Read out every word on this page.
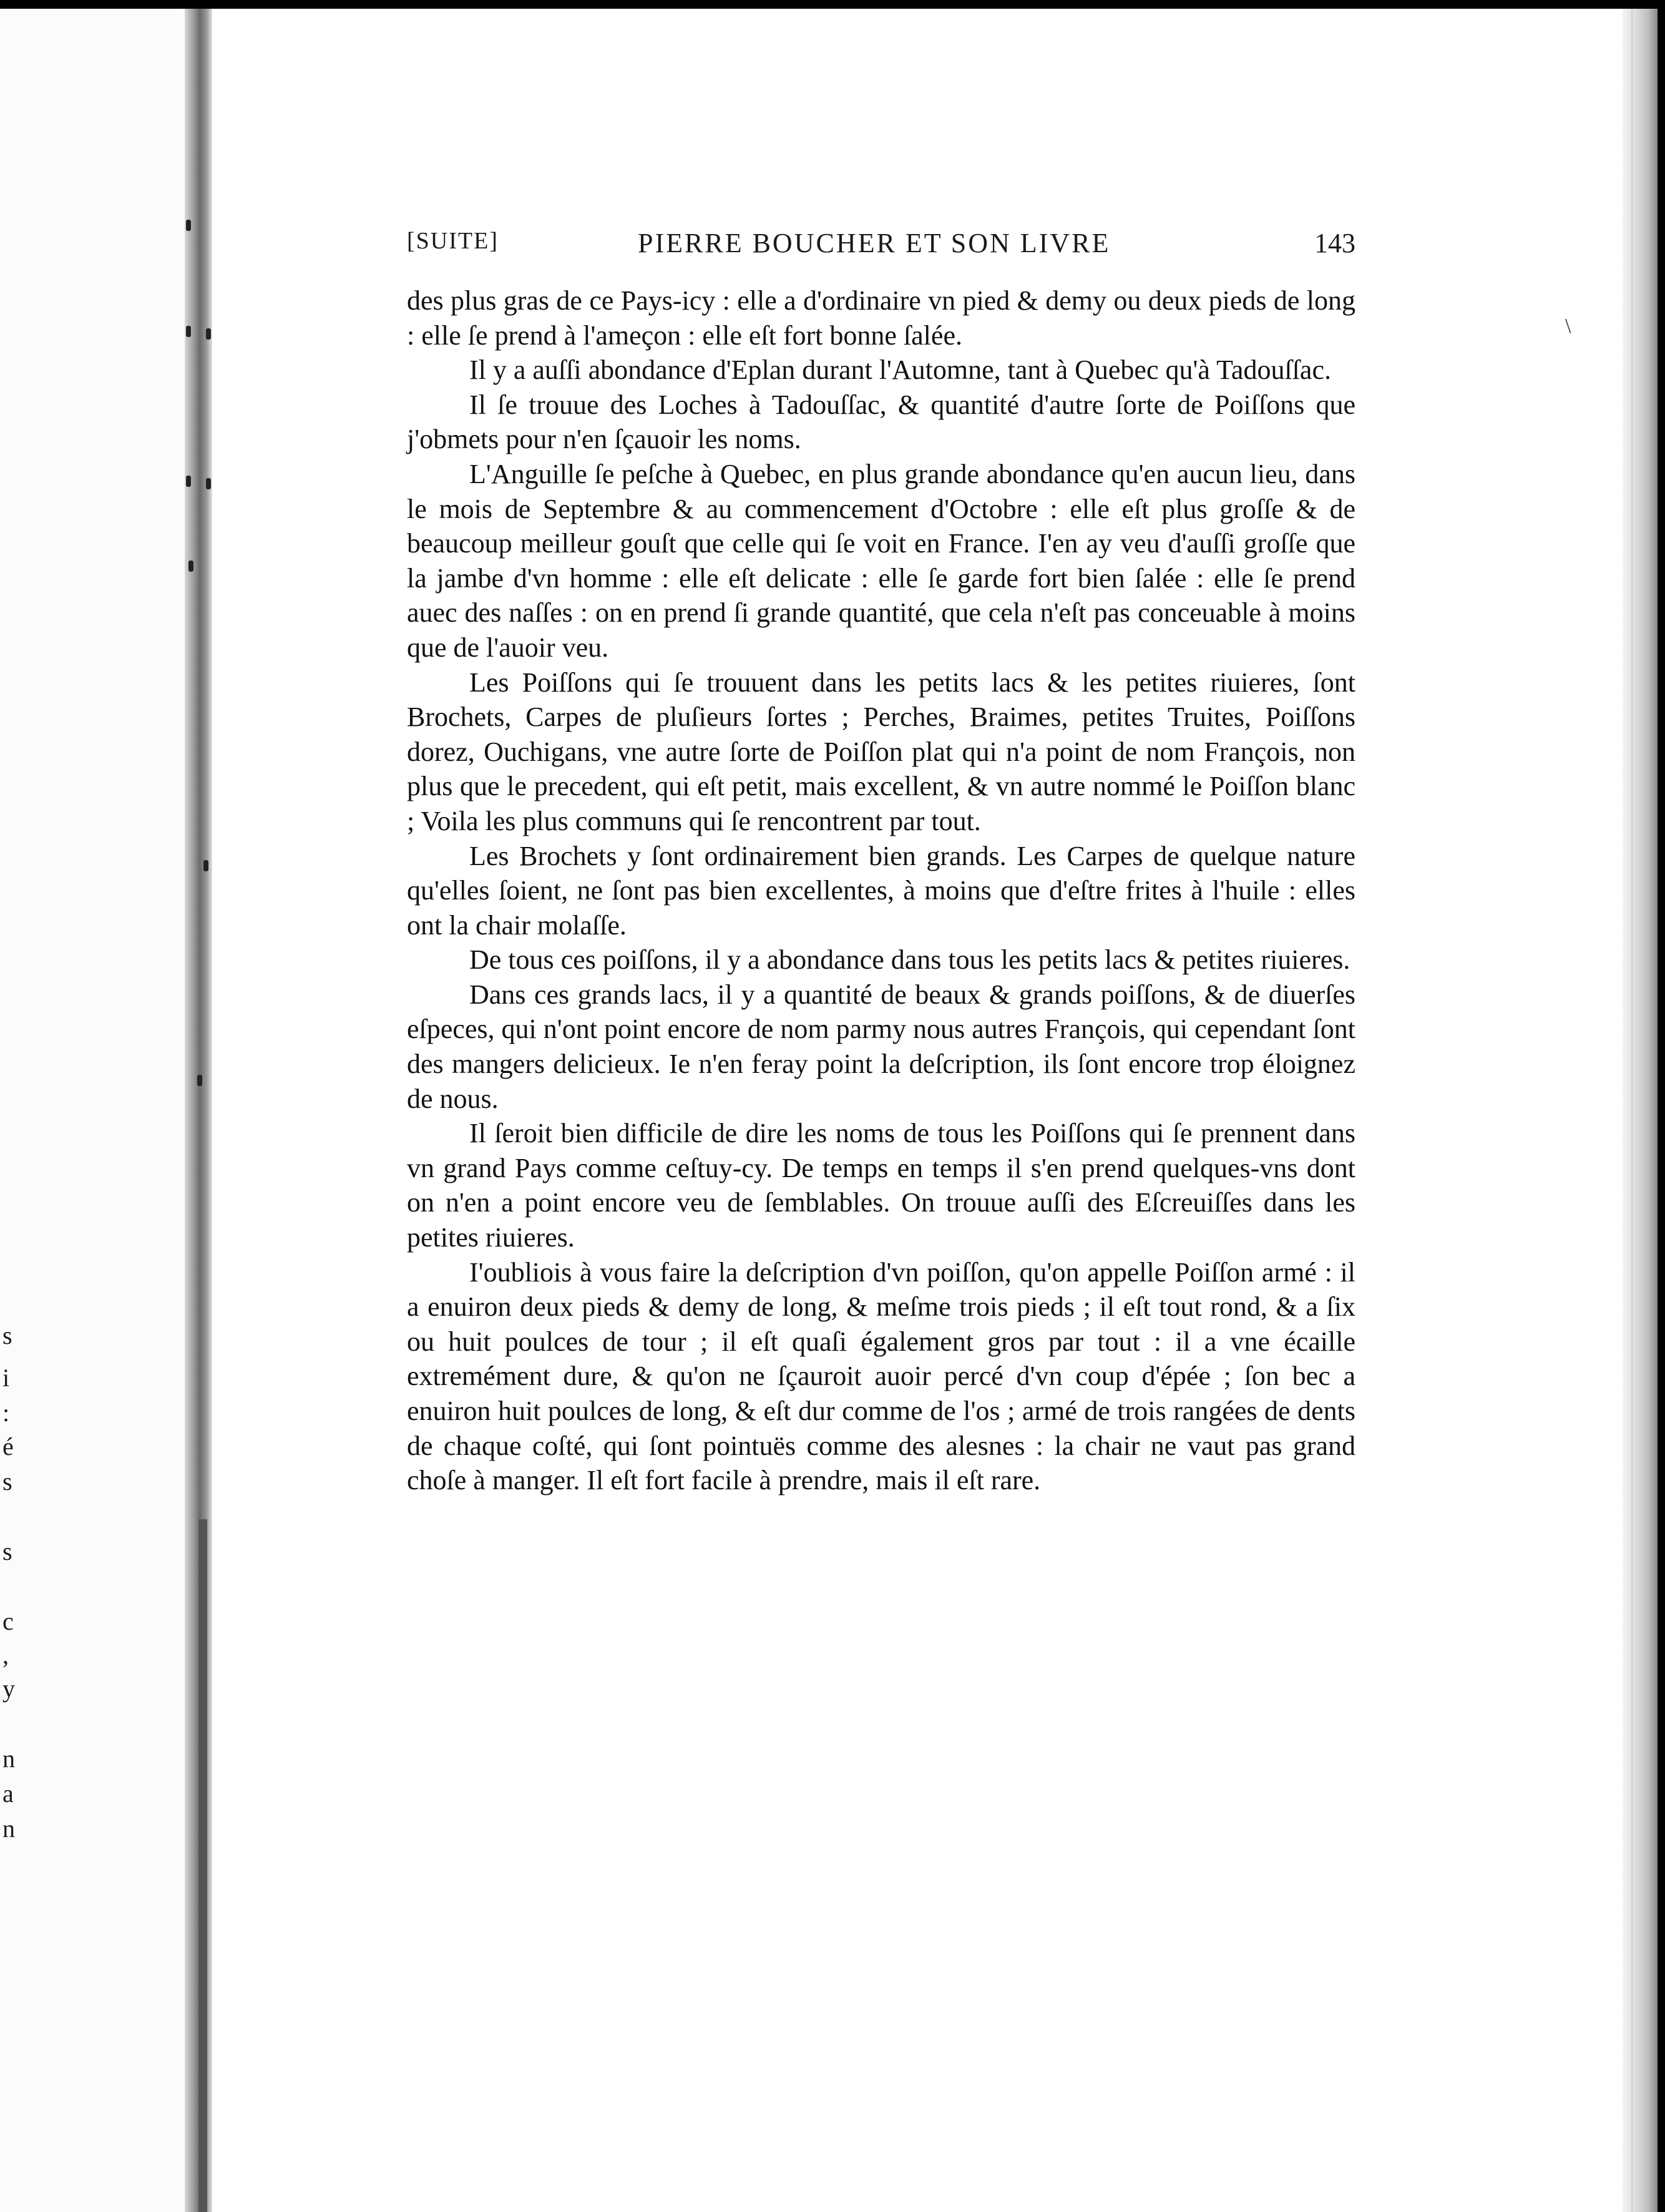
s
i
:
é
s
s
c
,
y
n
a
n
[SUITE]	PIERRE BOUCHER ET SON LIVRE	143

des plus gras de ce Pays-icy : elle a d'ordinaire vn pied & demy ou deux pieds de long : elle ſe prend à l'ameçon : elle eſt fort bonne ſalée.

Il y a auſſi abondance d'Eplan durant l'Automne, tant à Quebec qu'à Tadouſſac.

Il ſe trouue des Loches à Tadouſſac, & quantité d'autre ſorte de Poiſſons que j'obmets pour n'en ſçauoir les noms.

L'Anguille ſe peſche à Quebec, en plus grande abondance qu'en aucun lieu, dans le mois de Septembre & au commencement d'Octobre : elle eſt plus groſſe & de beaucoup meilleur gouſt que celle qui ſe voit en France. I'en ay veu d'auſſi groſſe que la jambe d'vn homme : elle eſt delicate : elle ſe garde fort bien ſalée : elle ſe prend auec des naſſes : on en prend ſi grande quantité, que cela n'eſt pas conceuable à moins que de l'auoir veu.

Les Poiſſons qui ſe trouuent dans les petits lacs & les petites riuieres, ſont Brochets, Carpes de pluſieurs ſortes ; Perches, Braimes, petites Truites, Poiſſons dorez, Ouchigans, vne autre ſorte de Poiſſon plat qui n'a point de nom François, non plus que le precedent, qui eſt petit, mais excellent, & vn autre nommé le Poiſſon blanc ; Voila les plus communs qui ſe rencontrent par tout.

Les Brochets y ſont ordinairement bien grands. Les Carpes de quelque nature qu'elles ſoient, ne ſont pas bien excellentes, à moins que d'eſtre frites à l'huile : elles ont la chair molaſſe.

De tous ces poiſſons, il y a abondance dans tous les petits lacs & petites riuieres.

Dans ces grands lacs, il y a quantité de beaux & grands poiſſons, & de diuerſes eſpeces, qui n'ont point encore de nom parmy nous autres François, qui cependant ſont des mangers delicieux. Ie n'en feray point la deſcription, ils ſont encore trop éloignez de nous.

Il ſeroit bien difficile de dire les noms de tous les Poiſſons qui ſe prennent dans vn grand Pays comme ceſtuy-cy. De temps en temps il s'en prend quelques-vns dont on n'en a point encore veu de ſemblables. On trouue auſſi des Eſcreuiſſes dans les petites riuieres.

I'oubliois à vous faire la deſcription d'vn poiſſon, qu'on appelle Poiſſon armé : il a enuiron deux pieds & demy de long, & meſme trois pieds ; il eſt tout rond, & a ſix ou huit poulces de tour ; il eſt quaſi également gros par tout : il a vne écaille extremément dure, & qu'on ne ſçauroit auoir percé d'vn coup d'épée ; ſon bec a enuiron huit poulces de long, & eſt dur comme de l'os ; armé de trois rangées de dents de chaque coſté, qui ſont pointuës comme des alesnes : la chair ne vaut pas grand choſe à manger. Il eſt fort facile à prendre, mais il eſt rare.

\
